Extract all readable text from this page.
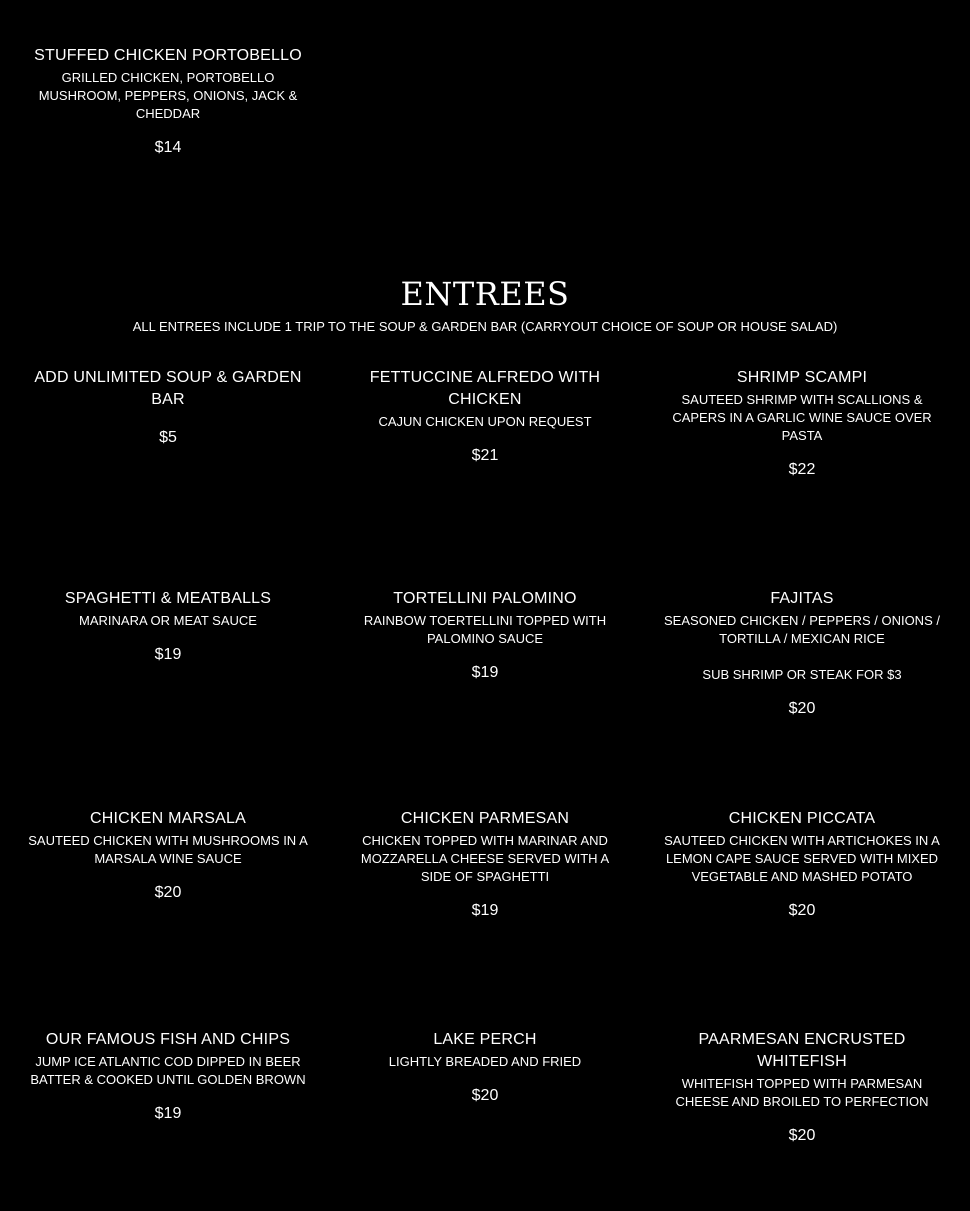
STUFFED CHICKEN PORTOBELLO

GRILLED CHICKEN, PORTOBELLO MUSHROOM, PEPPERS, ONIONS, JACK & CHEDDAR

$14

ENTREES

ALL ENTREES INCLUDE 1 TRIP TO THE SOUP & GARDEN BAR (CARRYOUT CHOICE OF SOUP OR HOUSE SALAD)

ADD UNLIMITED SOUP & GARDEN BAR

$5

FETTUCCINE ALFREDO WITH CHICKEN

CAJUN CHICKEN UPON REQUEST

$21

SHRIMP SCAMPI

SAUTEED SHRIMP WITH SCALLIONS & CAPERS IN A GARLIC WINE SAUCE OVER PASTA

$22

SPAGHETTI & MEATBALLS

MARINARA OR MEAT SAUCE

$19

TORTELLINI PALOMINO

RAINBOW TOERTELLINI TOPPED WITH PALOMINO SAUCE

$19

FAJITAS

SEASONED CHICKEN / PEPPERS / ONIONS / TORTILLA / MEXICAN RICE

SUB SHRIMP OR STEAK FOR $3

$20

CHICKEN MARSALA

SAUTEED CHICKEN WITH MUSHROOMS IN A MARSALA WINE SAUCE

$20

CHICKEN PARMESAN

CHICKEN TOPPED WITH MARINAR AND MOZZARELLA CHEESE SERVED WITH A SIDE OF SPAGHETTI

$19

CHICKEN PICCATA

SAUTEED CHICKEN WITH ARTICHOKES IN A LEMON CAPE SAUCE SERVED WITH MIXED VEGETABLE AND MASHED POTATO

$20

OUR FAMOUS FISH AND CHIPS

JUMP ICE ATLANTIC COD DIPPED IN BEER BATTER & COOKED UNTIL GOLDEN BROWN

$19

LAKE PERCH

LIGHTLY BREADED AND FRIED

$20

PAARMESAN ENCRUSTED WHITEFISH

WHITEFISH TOPPED WITH PARMESAN CHEESE AND BROILED TO PERFECTION

$20
